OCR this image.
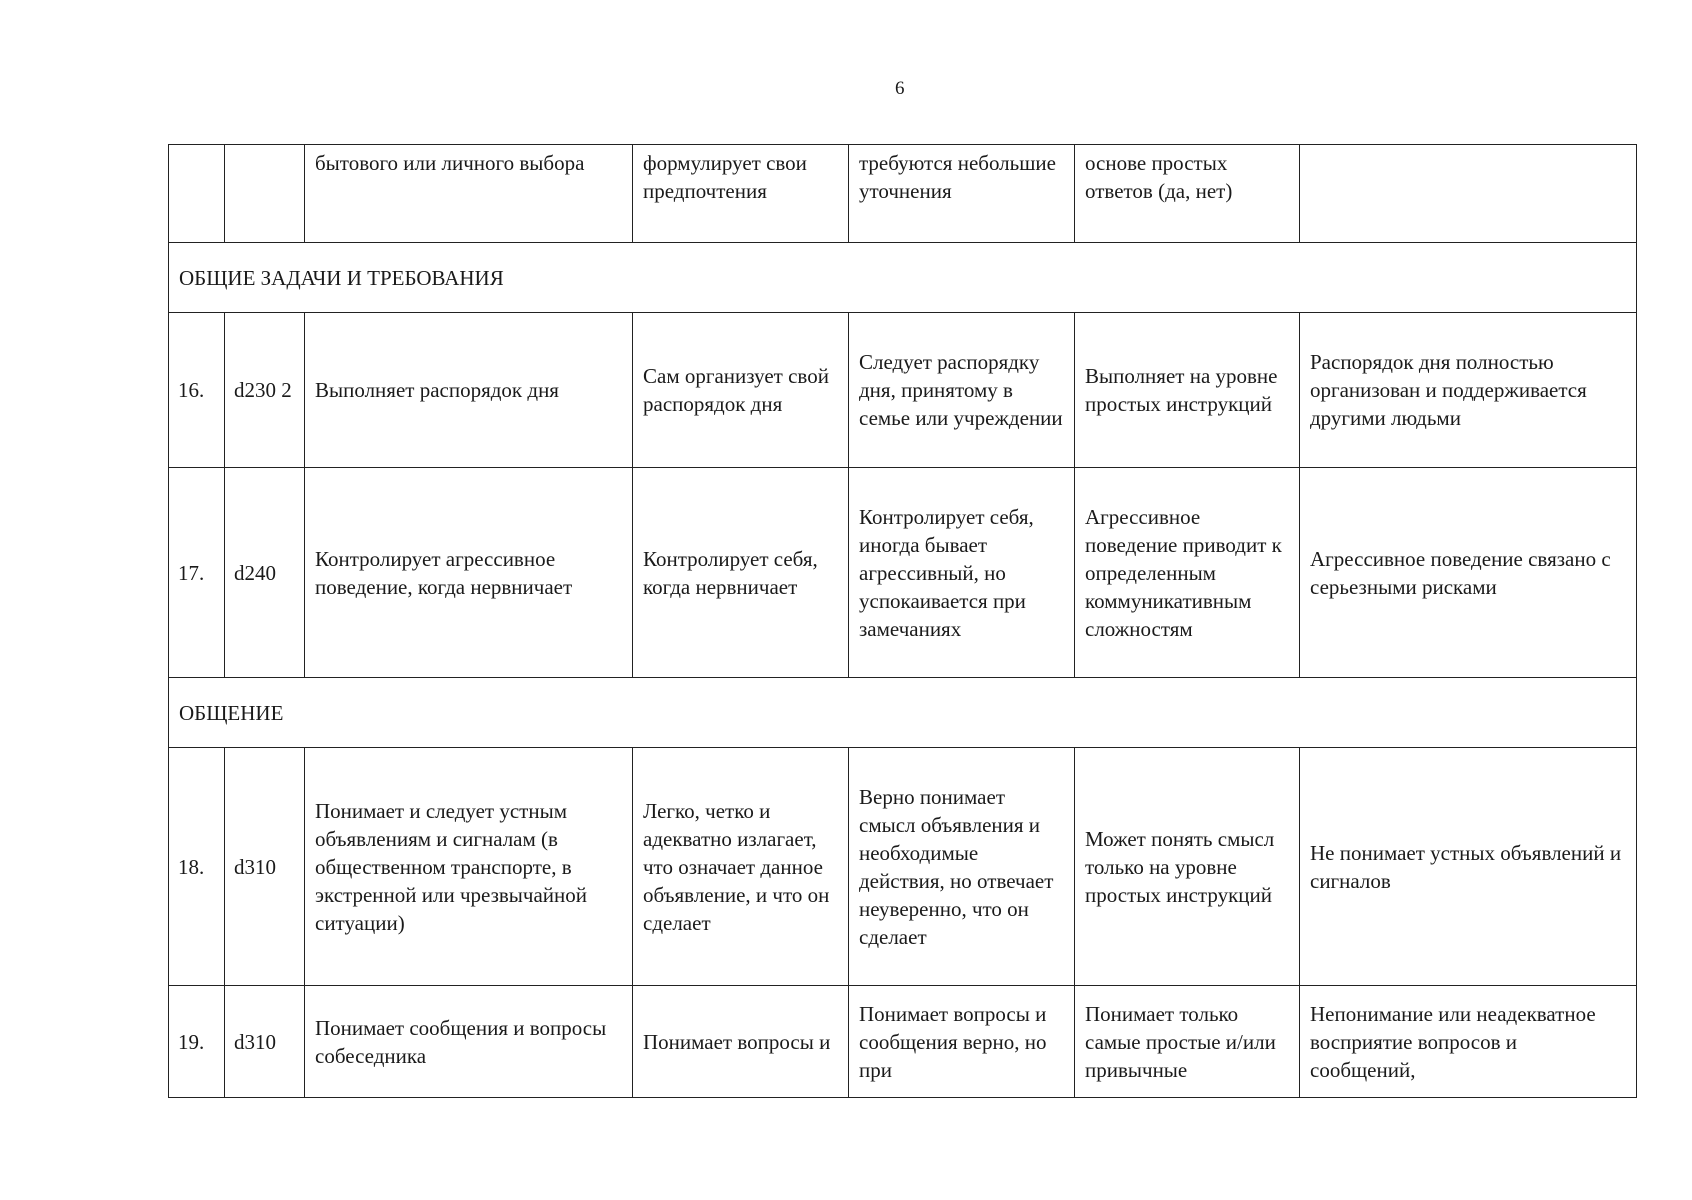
6
		бытового или личного выбора	формулирует свои предпочтения	требуются небольшие уточнения	основе простых ответов (да, нет)	
ОБЩИЕ ЗАДАЧИ И ТРЕБОВАНИЯ						
16.	d230 2	Выполняет распорядок дня	Сам организует свой распорядок дня	Следует распорядку дня, принятому в семье или учреждении	Выполняет на уровне простых инструкций	Распорядок дня полностью организован и поддерживается другими людьми
17.	d240	Контролирует агрессивное поведение, когда нервничает	Контролирует себя, когда нервничает	Контролирует себя, иногда бывает агрессивный, но успокаивается при замечаниях	Агрессивное поведение приводит к определенным коммуникативным сложностям	Агрессивное поведение связано с серьезными рисками
ОБЩЕНИЕ						
18.	d310	Понимает и следует устным объявлениям и сигналам (в общественном транспорте, в экстренной или чрезвычайной ситуации)	Легко, четко и адекватно излагает, что означает данное объявление, и что он сделает	Верно понимает смысл объявления и необходимые действия, но отвечает неуверенно, что он сделает	Может понять смысл только на уровне простых инструкций	Не понимает устных объявлений и сигналов
19.	d310	Понимает сообщения и вопросы собеседника	Понимает вопросы и	Понимает вопросы и сообщения верно, но при	Понимает только самые простые и/или привычные	Непонимание или неадекватное восприятие вопросов и сообщений,
